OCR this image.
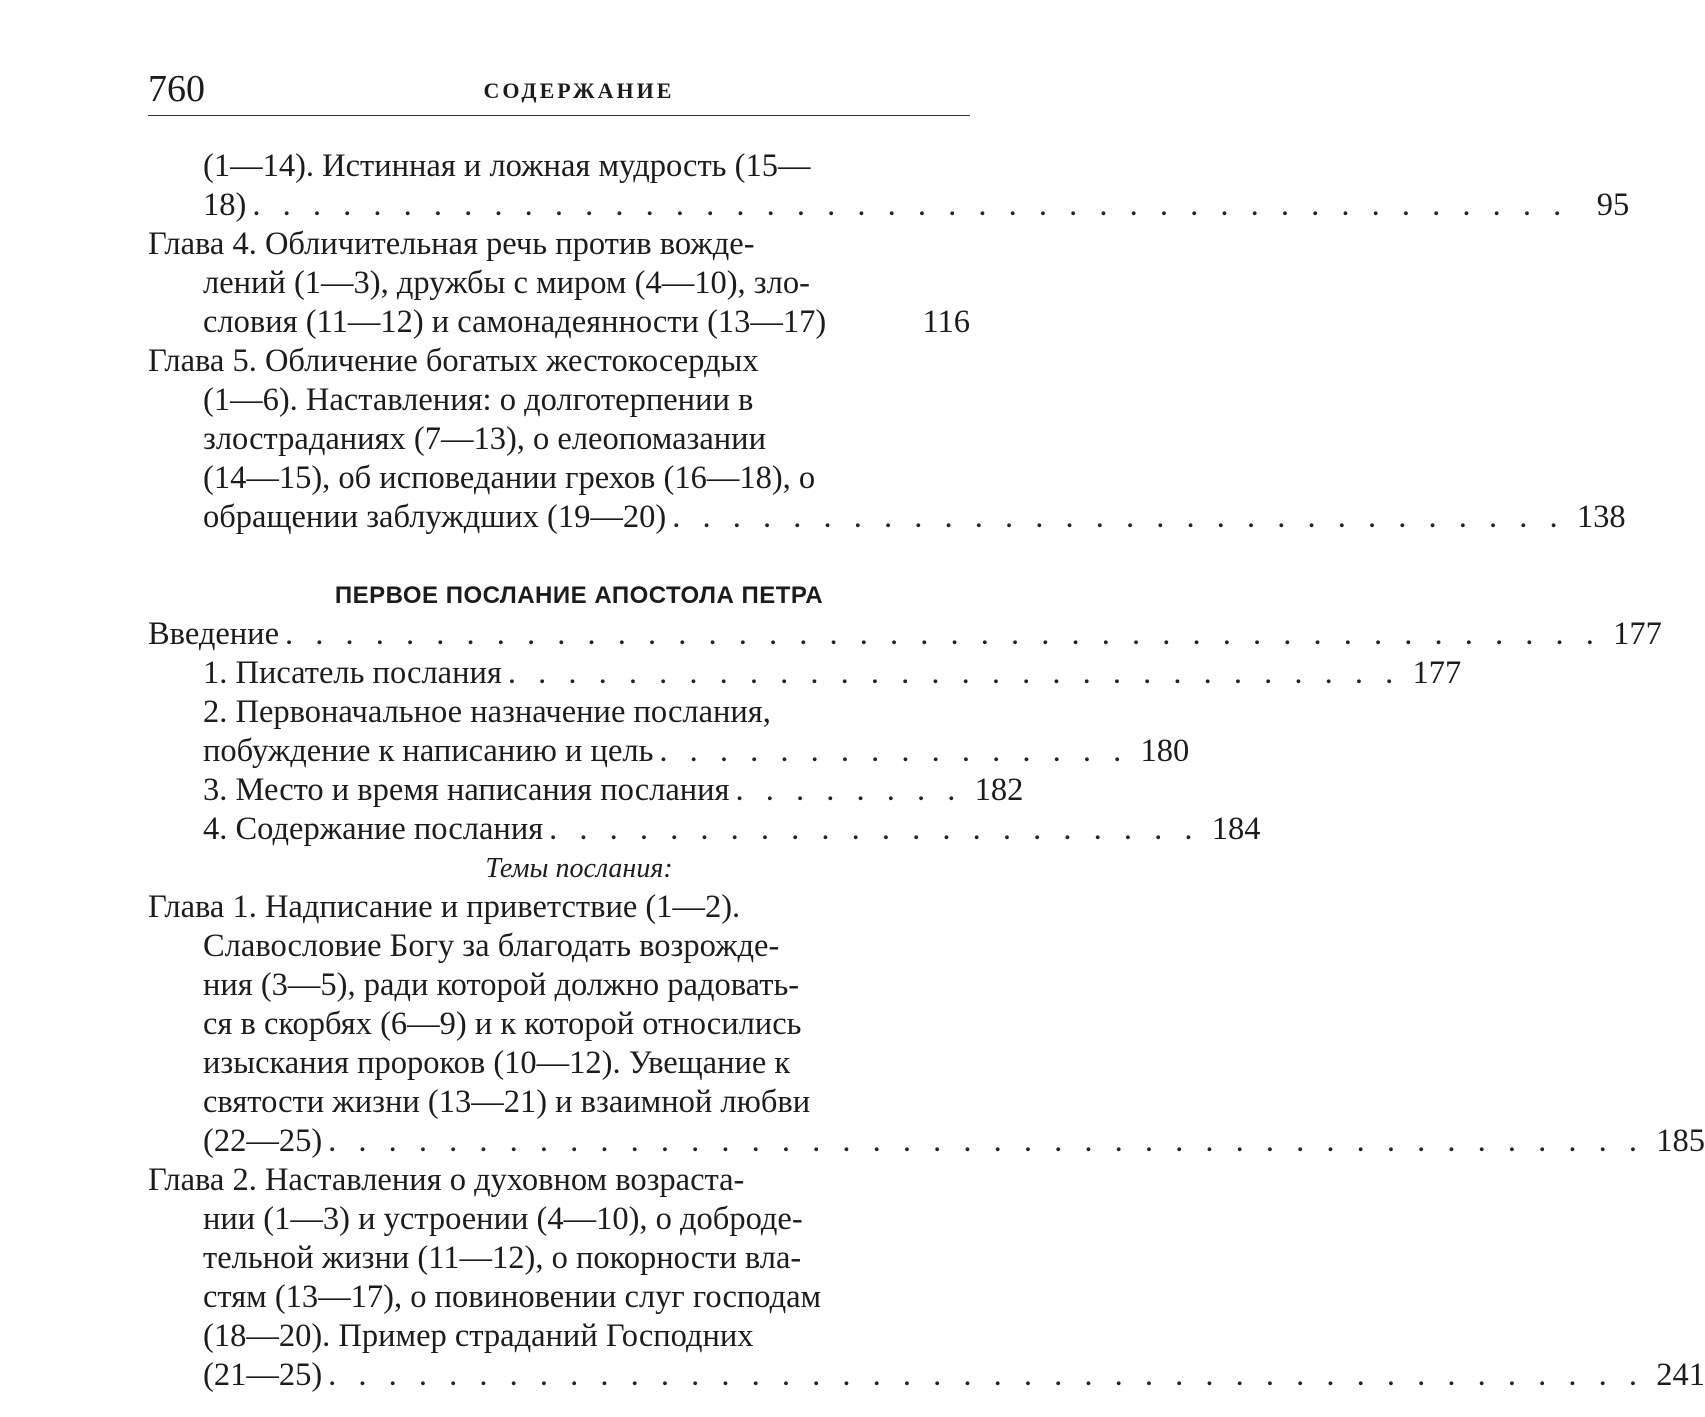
760	СОДЕРЖАНИЕ
(1—14). Истинная и ложная мудрость (15—
18) . . . . . . . . . . . . . . . . . . . . . . . . . . . . . . . . . . . . . . . . . . . . 95
Глава 4. Обличительная речь против вожде-
лений (1—3), дружбы с миром (4—10), зло-
словия (11—12) и самонадеянности (13—17)	116
Глава 5. Обличение богатых жестокосердых
(1—6). Наставления: о долготерпении в
злостраданиях (7—13), о елеопомазании
(14—15), об исповедании грехов (16—18), о
обращении заблуждших (19—20) . . . . . . . . . . . . . . . . . . . . . . . . . . . . . . 138
ПЕРВОЕ ПОСЛАНИЕ АПОСТОЛА ПЕТРА
Введение . . . . . . . . . . . . . . . . . . . . . . . . . . . . . . . . . . . . . . . . . . . . 177
1. Писатель послания . . . . . . . . . . . . . . . . . . . . . . . . . . . . . . 177
2. Первоначальное назначение послания,
побуждение к написанию и цель . . . . . . . . . . . . . . . . 180
3. Место и время написания послания . . . . . . . . 182
4. Содержание послания . . . . . . . . . . . . . . . . . . . . . . 184
Темы послания:
Глава 1. Надписание и приветствие (1—2).
Славословие Богу за благодать возрожде-
ния (3—5), ради которой должно радовать-
ся в скорбях (6—9) и к которой относились
изыскания пророков (10—12). Увещание к
святости жизни (13—21) и взаимной любви
(22—25) . . . . . . . . . . . . . . . . . . . . . . . . . . . . . . . . . . . . . . . . . . . . 185
Глава 2. Наставления о духовном возраста-
нии (1—3) и устроении (4—10), о доброде-
тельной жизни (11—12), о покорности вла-
стям (13—17), о повиновении слуг господам
(18—20). Пример страданий Господних
(21—25) . . . . . . . . . . . . . . . . . . . . . . . . . . . . . . . . . . . . . . . . . . . . 241
